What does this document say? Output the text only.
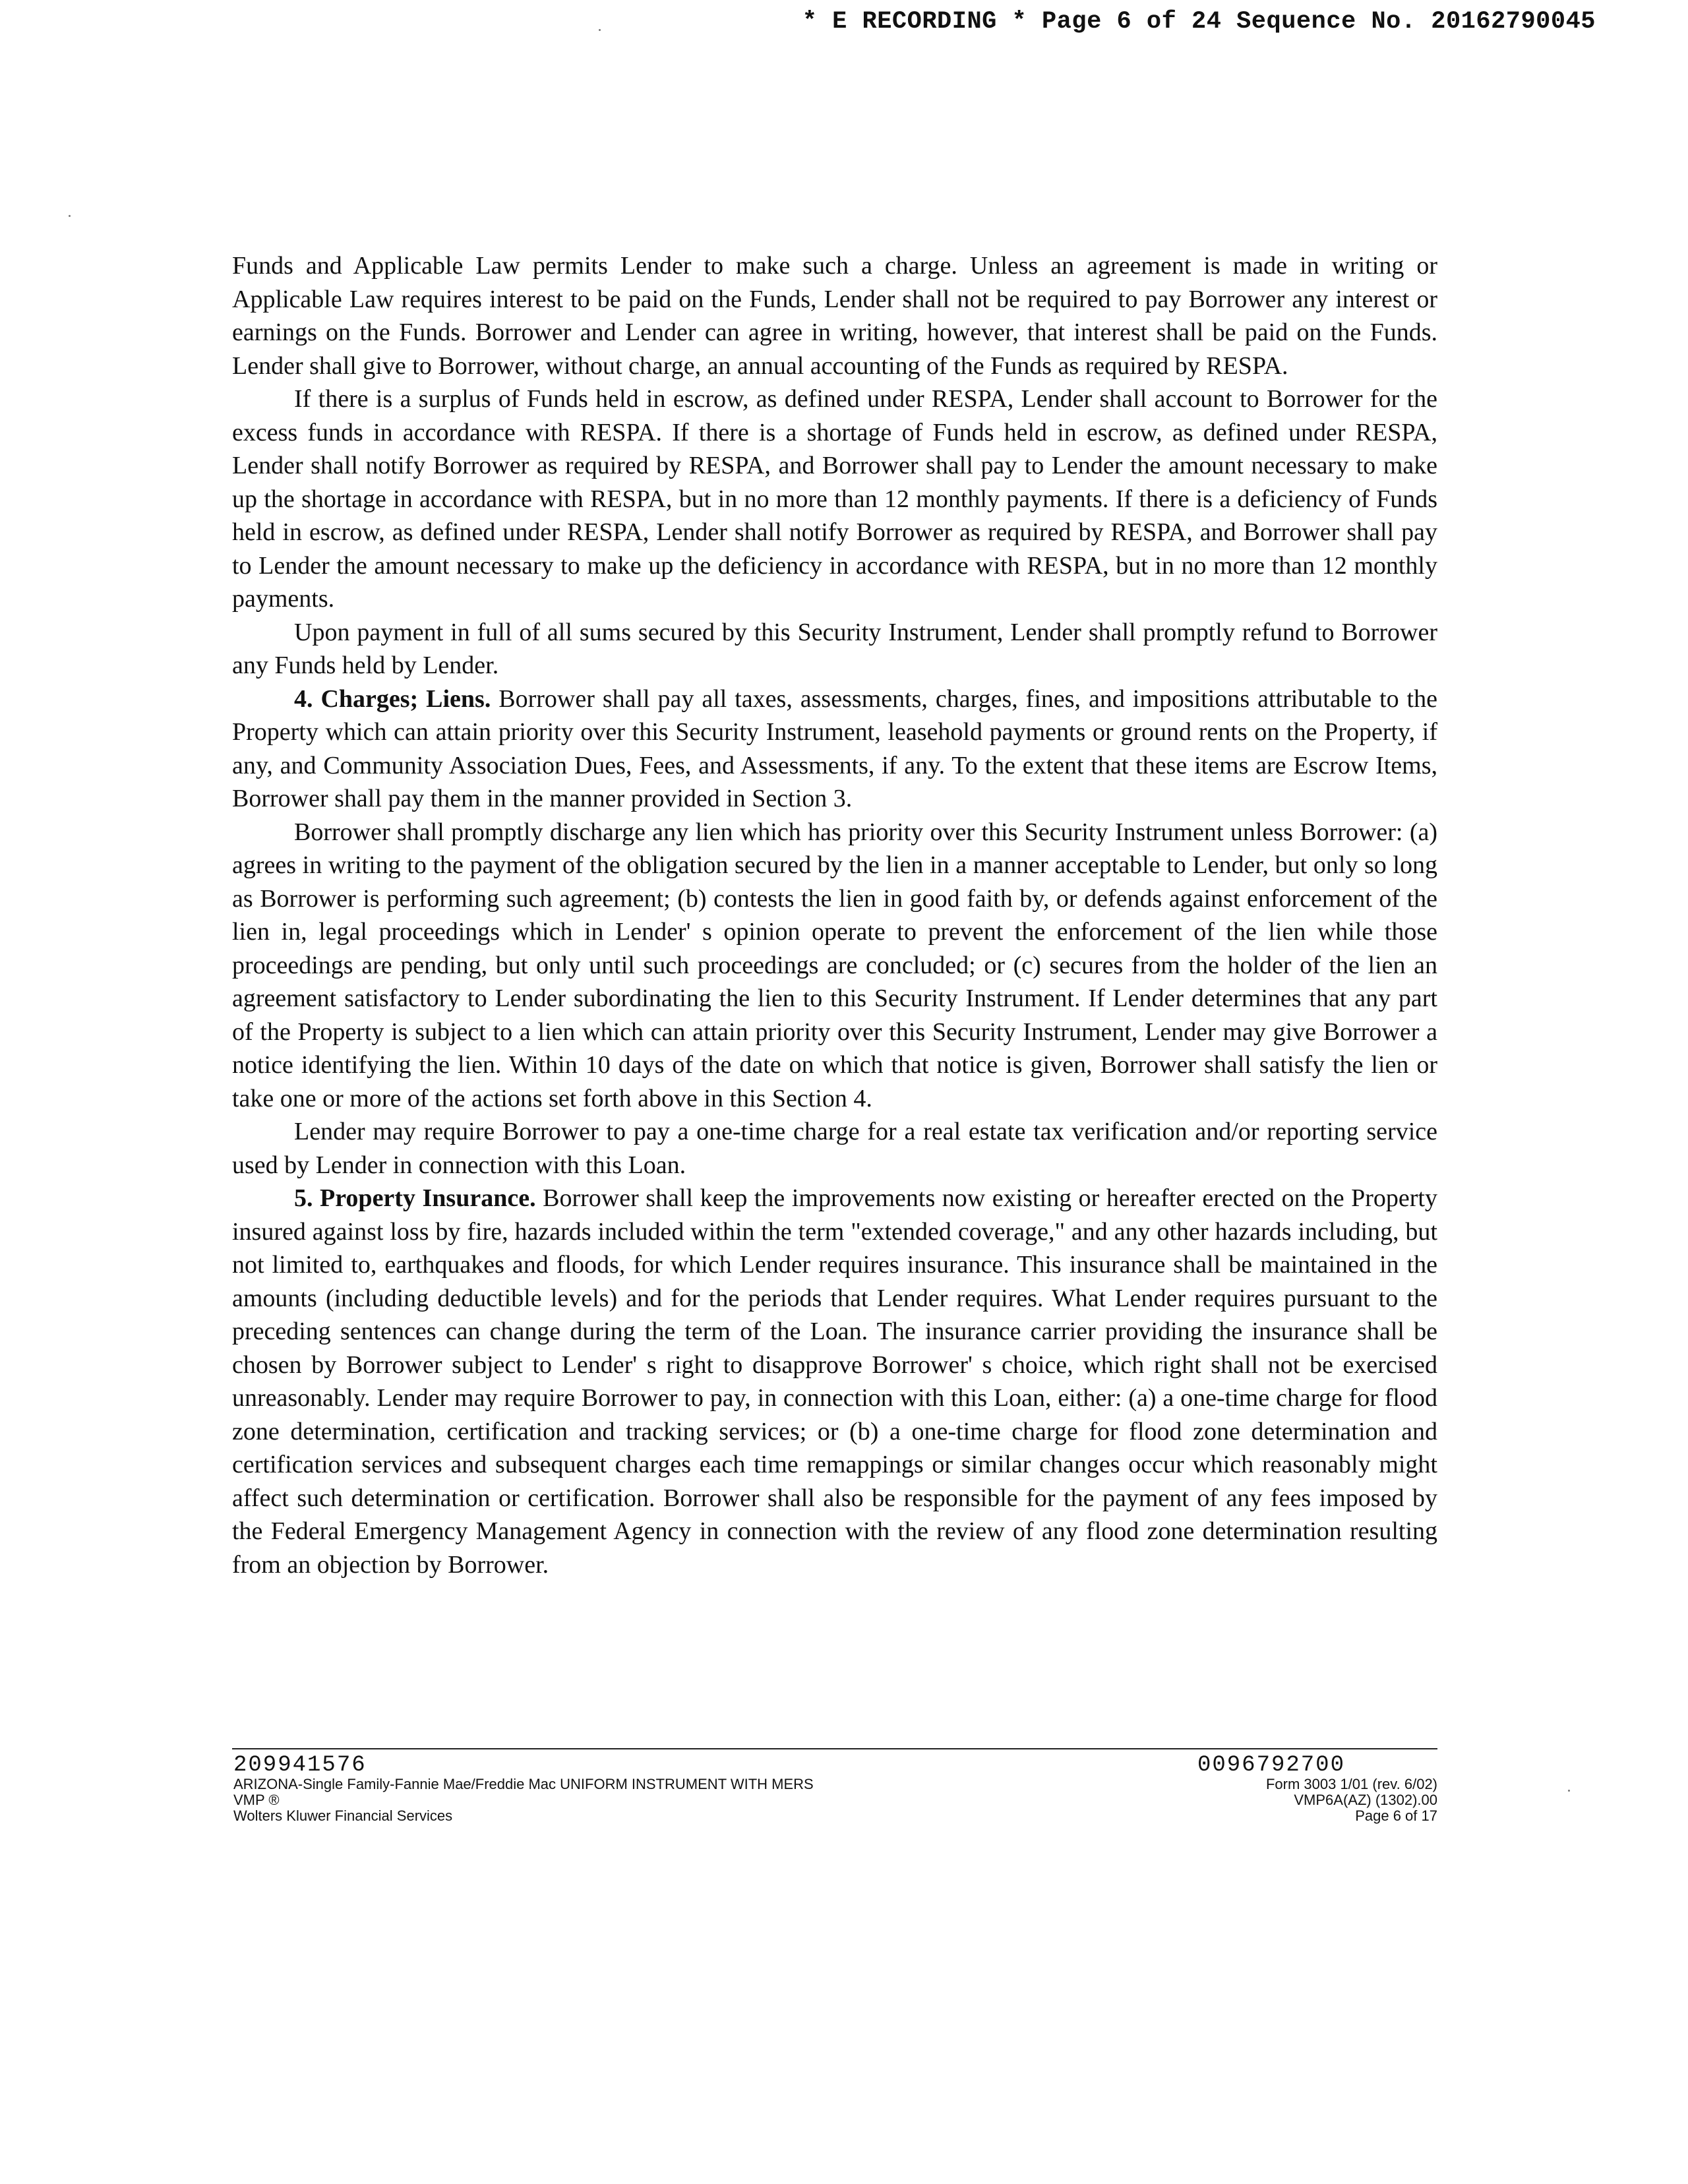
* E RECORDING * Page 6 of 24 Sequence No. 20162790045

Funds and Applicable Law permits Lender to make such a charge. Unless an agreement is made in writing or Applicable Law requires interest to be paid on the Funds, Lender shall not be required to pay Borrower any interest or earnings on the Funds. Borrower and Lender can agree in writing, however, that interest shall be paid on the Funds. Lender shall give to Borrower, without charge, an annual accounting of the Funds as required by RESPA.

If there is a surplus of Funds held in escrow, as defined under RESPA, Lender shall account to Borrower for the excess funds in accordance with RESPA. If there is a shortage of Funds held in escrow, as defined under RESPA, Lender shall notify Borrower as required by RESPA, and Borrower shall pay to Lender the amount necessary to make up the shortage in accordance with RESPA, but in no more than 12 monthly payments. If there is a deficiency of Funds held in escrow, as defined under RESPA, Lender shall notify Borrower as required by RESPA, and Borrower shall pay to Lender the amount necessary to make up the deficiency in accordance with RESPA, but in no more than 12 monthly payments.

Upon payment in full of all sums secured by this Security Instrument, Lender shall promptly refund to Borrower any Funds held by Lender.

4. Charges; Liens. Borrower shall pay all taxes, assessments, charges, fines, and impositions attributable to the Property which can attain priority over this Security Instrument, leasehold payments or ground rents on the Property, if any, and Community Association Dues, Fees, and Assessments, if any. To the extent that these items are Escrow Items, Borrower shall pay them in the manner provided in Section 3.

Borrower shall promptly discharge any lien which has priority over this Security Instrument unless Borrower: (a) agrees in writing to the payment of the obligation secured by the lien in a manner acceptable to Lender, but only so long as Borrower is performing such agreement; (b) contests the lien in good faith by, or defends against enforcement of the lien in, legal proceedings which in Lender' s opinion operate to prevent the enforcement of the lien while those proceedings are pending, but only until such proceedings are concluded; or (c) secures from the holder of the lien an agreement satisfactory to Lender subordinating the lien to this Security Instrument. If Lender determines that any part of the Property is subject to a lien which can attain priority over this Security Instrument, Lender may give Borrower a notice identifying the lien. Within 10 days of the date on which that notice is given, Borrower shall satisfy the lien or take one or more of the actions set forth above in this Section 4.

Lender may require Borrower to pay a one-time charge for a real estate tax verification and/or reporting service used by Lender in connection with this Loan.

5. Property Insurance. Borrower shall keep the improvements now existing or hereafter erected on the Property insured against loss by fire, hazards included within the term "extended coverage," and any other hazards including, but not limited to, earthquakes and floods, for which Lender requires insurance. This insurance shall be maintained in the amounts (including deductible levels) and for the periods that Lender requires. What Lender requires pursuant to the preceding sentences can change during the term of the Loan. The insurance carrier providing the insurance shall be chosen by Borrower subject to Lender' s right to disapprove Borrower' s choice, which right shall not be exercised unreasonably. Lender may require Borrower to pay, in connection with this Loan, either: (a) a one-time charge for flood zone determination, certification and tracking services; or (b) a one-time charge for flood zone determination and certification services and subsequent charges each time remappings or similar changes occur which reasonably might affect such determination or certification. Borrower shall also be responsible for the payment of any fees imposed by the Federal Emergency Management Agency in connection with the review of any flood zone determination resulting from an objection by Borrower.

209941576
ARIZONA-Single Family-Fannie Mae/Freddie Mac UNIFORM INSTRUMENT WITH MERS
VMP ®
Wolters Kluwer Financial Services
0096792700
Form 3003 1/01 (rev. 6/02)
VMP6A(AZ) (1302).00
Page 6 of 17
